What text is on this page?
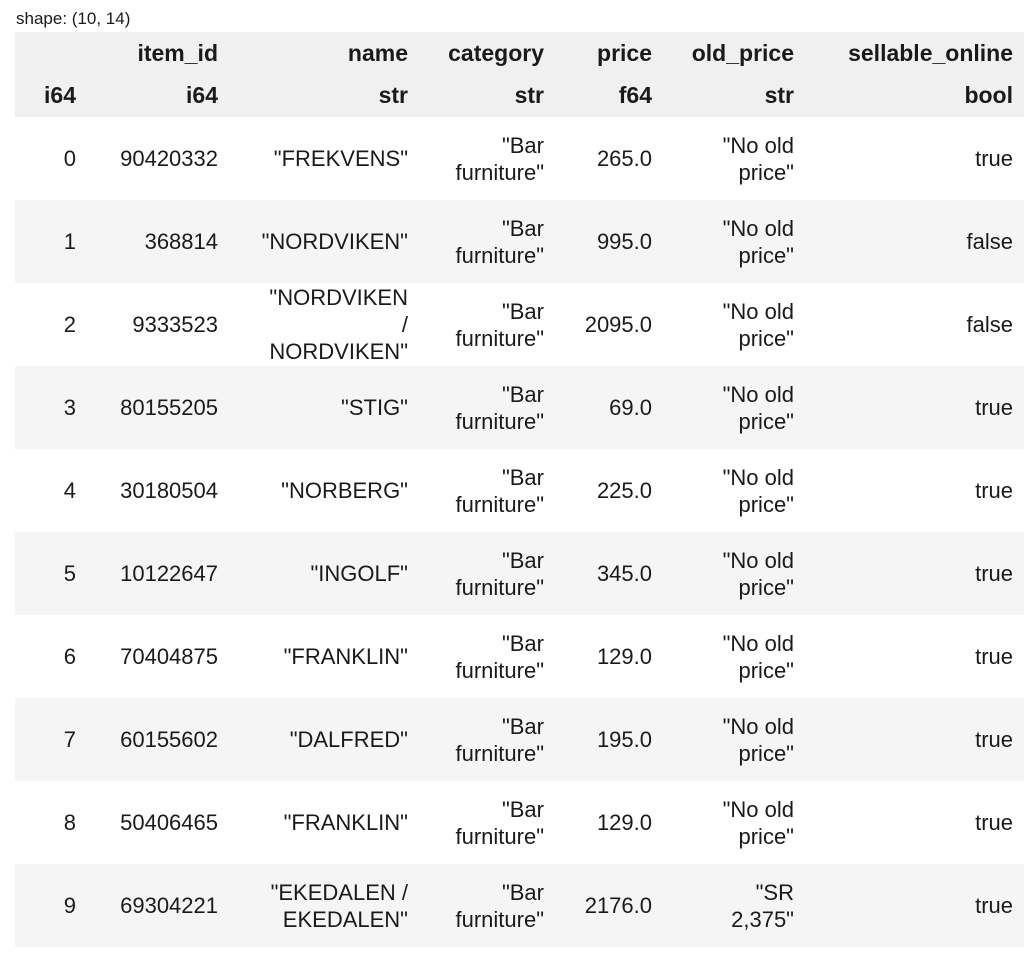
shape: (10, 14)
	item_id	name	category	price	old_price	sellable_online
i64	i64	str	str	f64	str	bool

0	90420332	"FREKVENS"	"Bar
furniture"	265.0	"No old
price"	true

1	368814	"NORDVIKEN"	"Bar
furniture"	995.0	"No old
price"	false

2	9333523	"NORDVIKEN
/
NORDVIKEN"	"Bar
furniture"	2095.0	"No old
price"	false

3	80155205	"STIG"	"Bar
furniture"	69.0	"No old
price"	true

4	30180504	"NORBERG"	"Bar
furniture"	225.0	"No old
price"	true

5	10122647	"INGOLF"	"Bar
furniture"	345.0	"No old
price"	true

6	70404875	"FRANKLIN"	"Bar
furniture"	129.0	"No old
price"	true

7	60155602	"DALFRED"	"Bar
furniture"	195.0	"No old
price"	true

8	50406465	"FRANKLIN"	"Bar
furniture"	129.0	"No old
price"	true

9	69304221	"EKEDALEN /
EKEDALEN"	"Bar
furniture"	2176.0	"SR
2,375"	true
